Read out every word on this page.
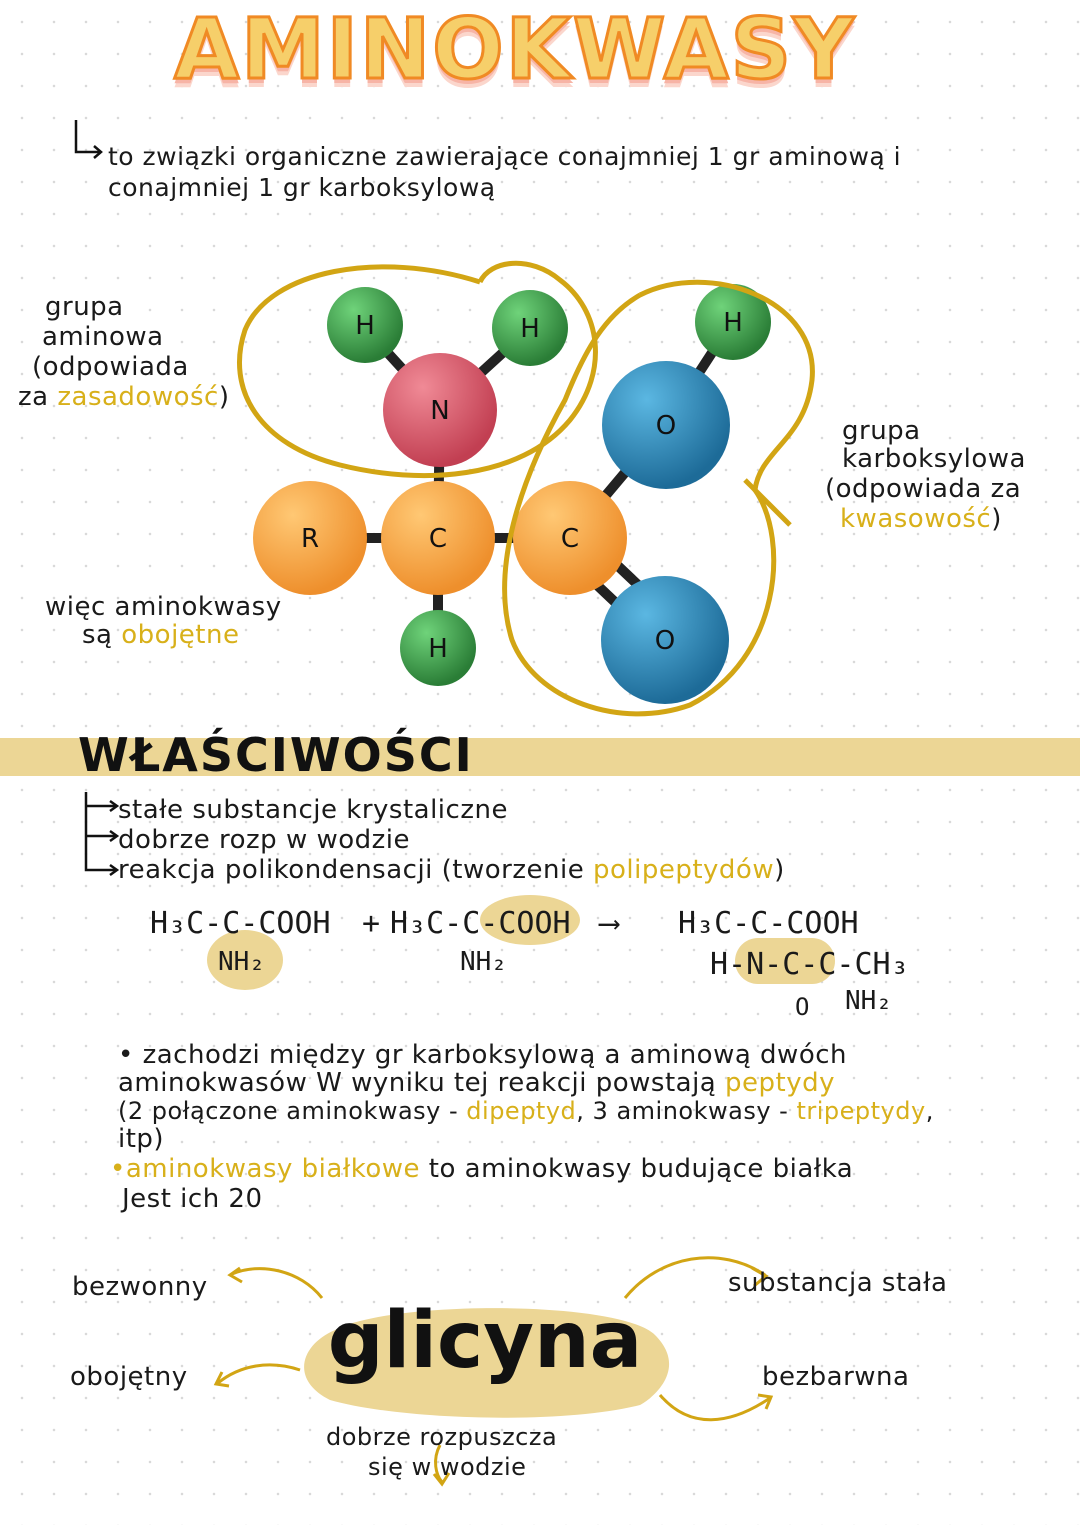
AMINOKWASY
to związki organiczne zawierające conajmniej 1 gr aminową i
conajmniej 1 gr karboksylową
H	H	H
N	O
R	C	C
H	O
grupa
aminowa
(odpowiada
za zasadowość)
grupa
karboksylowa
(odpowiada za
kwasowość)
więc aminokwasy
są obojętne
WŁAŚCIWOŚCI
stałe substancje krystaliczne
dobrze rozp w wodzie
reakcja polikondensacji (tworzenie polipeptydów)
H₃C-C-COOH
NH₂
+ H₃C-C-COOH
NH₂
⟶ H₃C-C-COOH
H-N-C-C-CH₃
O NH₂
• zachodzi między gr karboksylową a aminową dwóch
aminokwasów W wyniku tej reakcji powstają peptydy
(2 połączone aminokwasy - dipeptyd, 3 aminokwasy - tripeptydy,
itp)
•aminokwasy białkowe to aminokwasy budujące białka
Jest ich 20
glicyna
bezwonny
obojętny
substancja stała
bezbarwna
dobrze rozpuszcza
się w wodzie
